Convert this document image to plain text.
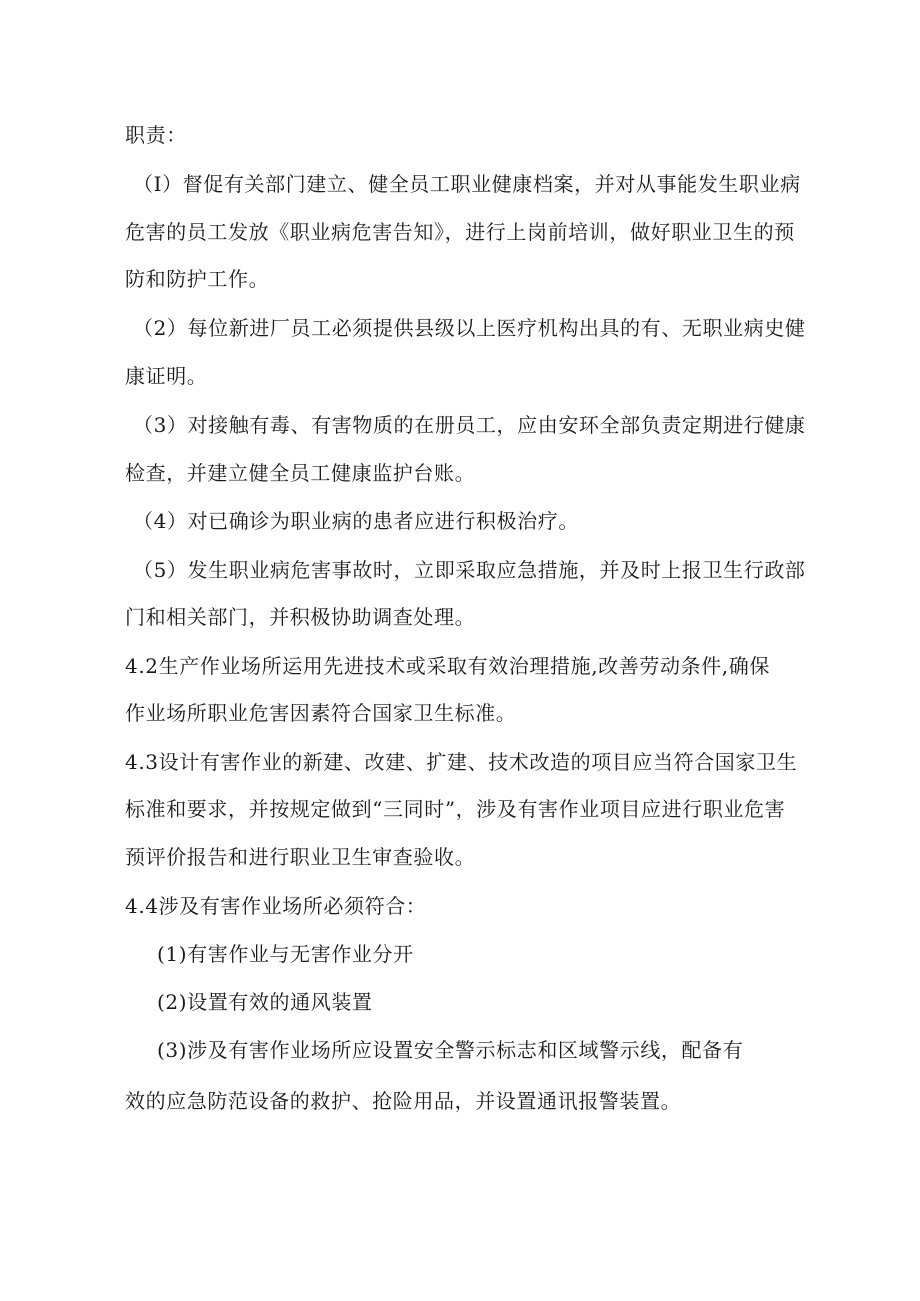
职责：
（I）督促有关部门建立、健全员工职业健康档案，并对从事能发生职业病
危害的员工发放《职业病危害告知》，进行上岗前培训，做好职业卫生的预
防和防护工作。
（2）每位新进厂员工必须提供县级以上医疗机构出具的有、无职业病史健
康证明。
（3）对接触有毒、有害物质的在册员工，应由安环全部负责定期进行健康
检查，并建立健全员工健康监护台账。
（4）对已确诊为职业病的患者应进行积极治疗。
（5）发生职业病危害事故时，立即采取应急措施，并及时上报卫生行政部
门和相关部门，并积极协助调查处理。
4.2生产作业场所运用先进技术或采取有效治理措施,改善劳动条件,确保
作业场所职业危害因素符合国家卫生标准。
4.3设计有害作业的新建、改建、扩建、技术改造的项目应当符合国家卫生
标准和要求，并按规定做到“三同时”，涉及有害作业项目应进行职业危害
预评价报告和进行职业卫生审查验收。
4.4涉及有害作业场所必须符合：
(1)有害作业与无害作业分开
(2)设置有效的通风装置
(3)涉及有害作业场所应设置安全警示标志和区域警示线，配备有
效的应急防范设备的救护、抢险用品，并设置通讯报警装置。
